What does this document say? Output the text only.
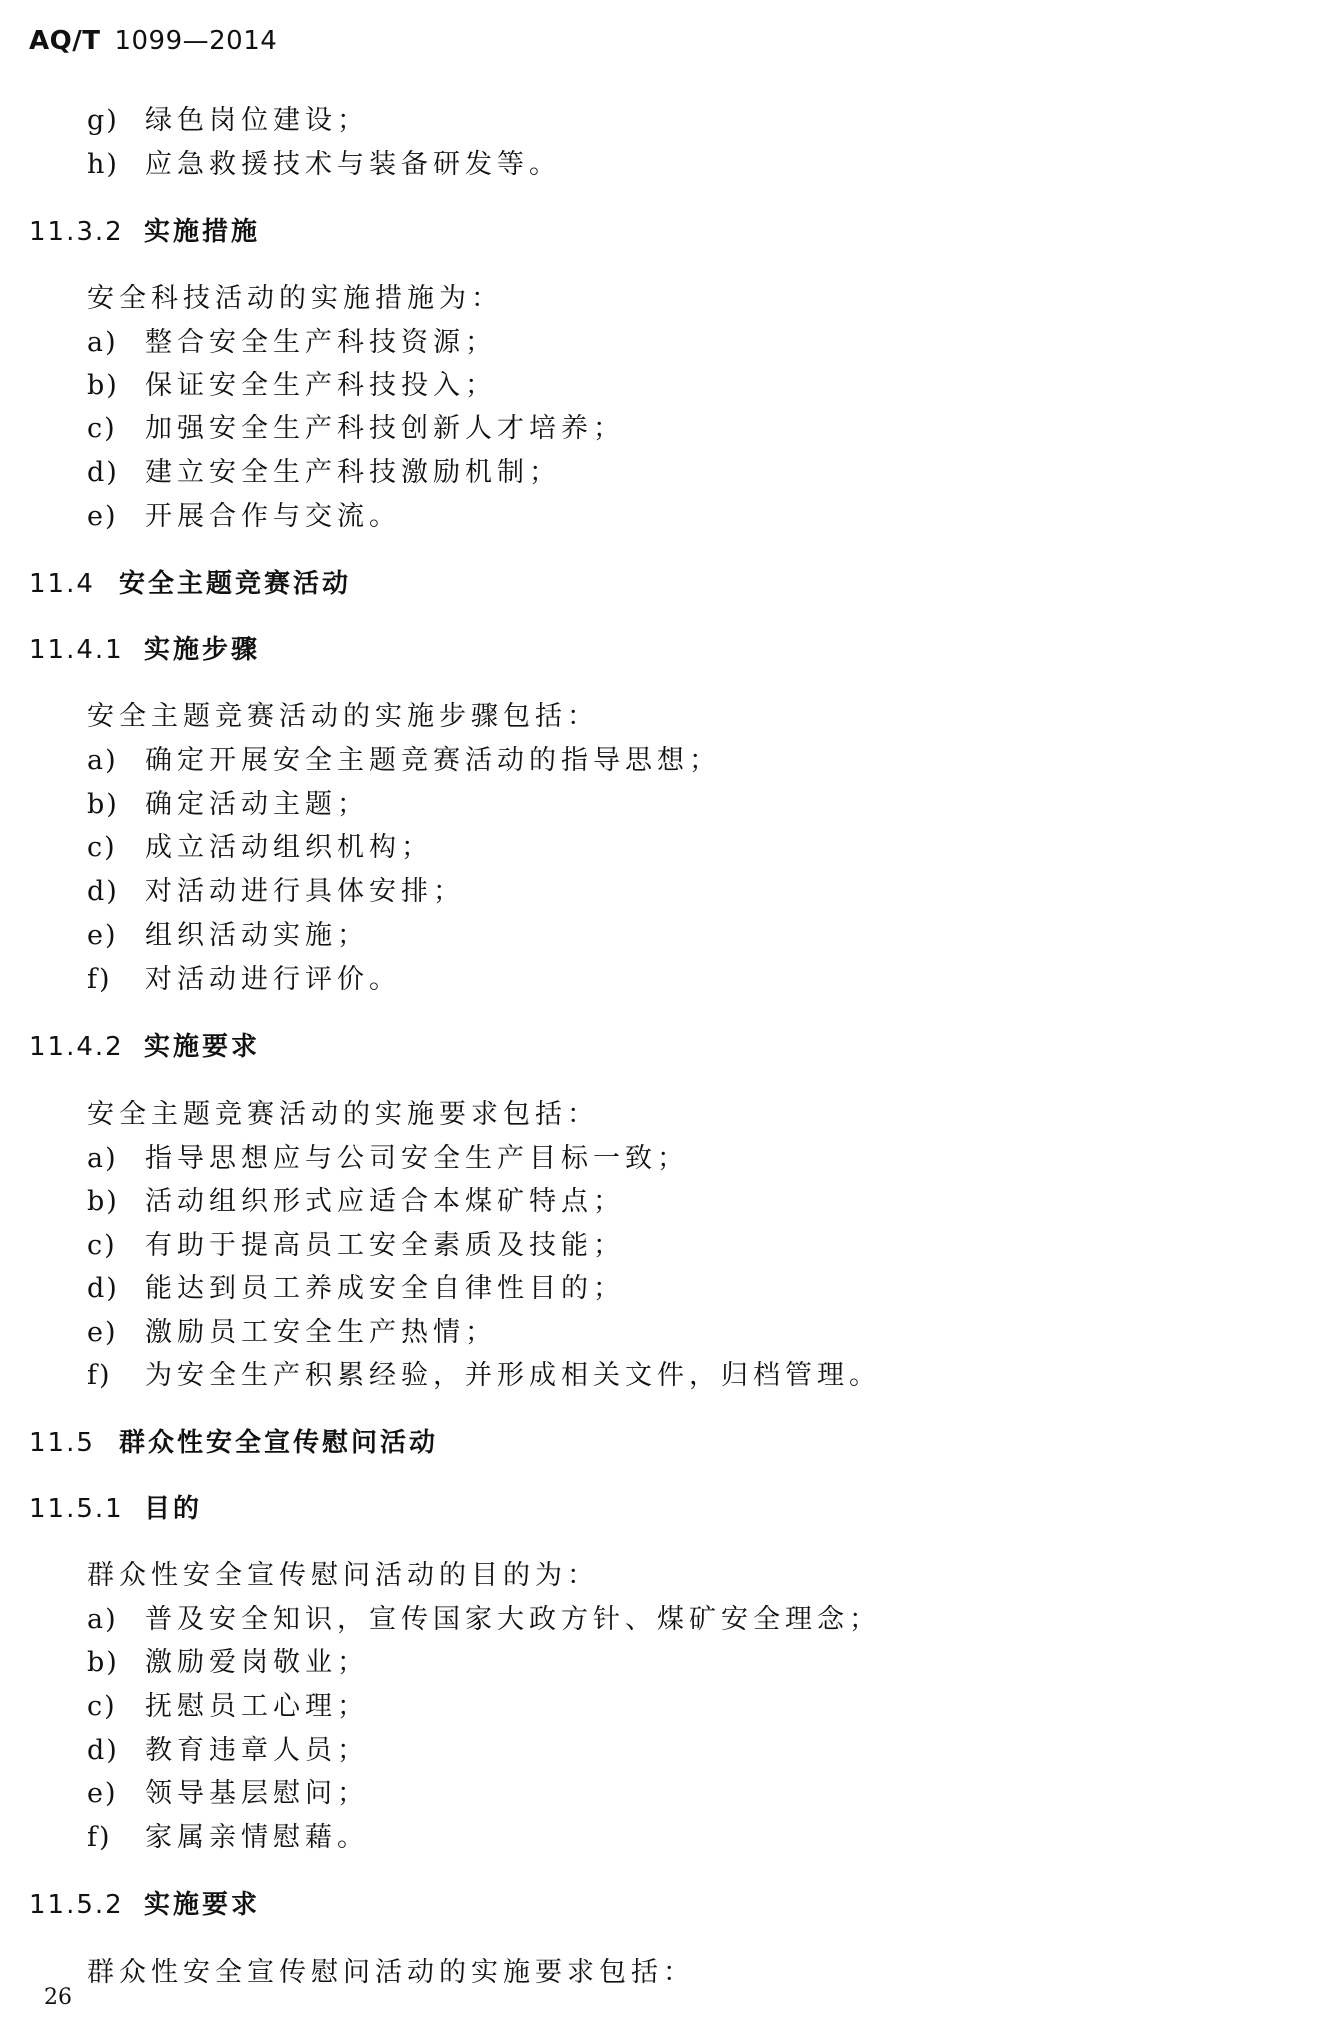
AQ/T 1099—2014
g) 绿色岗位建设；
h) 应急救援技术与装备研发等。
11.3.2 实施措施
安全科技活动的实施措施为：
a) 整合安全生产科技资源；
b) 保证安全生产科技投入；
c) 加强安全生产科技创新人才培养；
d) 建立安全生产科技激励机制；
e) 开展合作与交流。
11.4 安全主题竞赛活动
11.4.1 实施步骤
安全主题竞赛活动的实施步骤包括：
a) 确定开展安全主题竞赛活动的指导思想；
b) 确定活动主题；
c) 成立活动组织机构；
d) 对活动进行具体安排；
e) 组织活动实施；
f) 对活动进行评价。
11.4.2 实施要求
安全主题竞赛活动的实施要求包括：
a) 指导思想应与公司安全生产目标一致；
b) 活动组织形式应适合本煤矿特点；
c) 有助于提高员工安全素质及技能；
d) 能达到员工养成安全自律性目的；
e) 激励员工安全生产热情；
f) 为安全生产积累经验，并形成相关文件，归档管理。
11.5 群众性安全宣传慰问活动
11.5.1 目的
群众性安全宣传慰问活动的目的为：
a) 普及安全知识，宣传国家大政方针、煤矿安全理念；
b) 激励爱岗敬业；
c) 抚慰员工心理；
d) 教育违章人员；
e) 领导基层慰问；
f) 家属亲情慰藉。
11.5.2 实施要求
群众性安全宣传慰问活动的实施要求包括：
26
